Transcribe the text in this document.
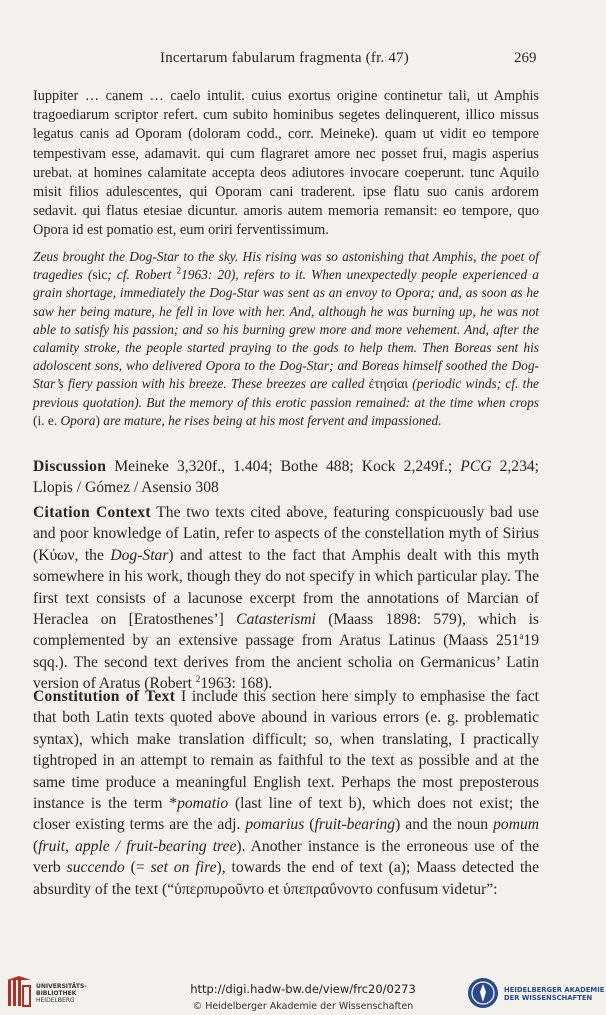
Incertarum fabularum fragmenta (fr. 47)	269
Iuppiter … canem … caelo intulit. cuius exortus origine continetur tali, ut Amphis tragoediarum scriptor refert. cum subito hominibus segetes delinquerent, illico missus legatus canis ad Oporam (doloram codd., corr. Meineke). quam ut vidit eo tempore tempestivam esse, adamavit. qui cum flagraret amore nec posset frui, magis asperius urebat. at homines calamitate accepta deos adiutores invocare coeperunt. tunc Aquilo misit filios adulescentes, qui Oporam cani traderent. ipse flatu suo canis ardorem sedavit. qui flatus etesiae dicuntur. amoris autem memoria remansit: eo tempore, quo Opora id est pomatio est, eum oriri ferventissimum.
Zeus brought the Dog-Star to the sky. His rising was so astonishing that Amphis, the poet of tragedies (sic; cf. Robert $^2$1963: 20), refers to it. When unexpectedly people experienced a grain shortage, immediately the Dog-Star was sent as an envoy to Opora; and, as soon as he saw her being mature, he fell in love with her. And, although he was burning up, he was not able to satisfy his passion; and so his burning grew more and more vehement. And, after the calamity stroke, the people started praying to the gods to help them. Then Boreas sent his adoloscent sons, who delivered Opora to the Dog-Star; and Boreas himself soothed the Dog-Star’s fiery passion with his breeze. These breezes are called ἐτησίαι (periodic winds; cf. the previous quotation). But the memory of this erotic passion remained: at the time when crops (i. e. Opora) are mature, he rises being at his most fervent and impassioned.
Discussion Meineke 3,320f., 1.404; Bothe 488; Kock 2,249f.; PCG 2,234; Llopis / Gómez / Asensio 308
Citation Context The two texts cited above, featuring conspicuously bad use and poor knowledge of Latin, refer to aspects of the constellation myth of Sirius (Κύων, the Dog-Star) and attest to the fact that Amphis dealt with this myth somewhere in his work, though they do not specify in which particular play. The first text consists of a lacunose excerpt from the annotations of Marcian of Heraclea on [Eratosthenes’] Catasterismi (Maass 1898: 579), which is complemented by an extensive passage from Aratus Latinus (Maass 251$^a$19 sqq.). The second text derives from the ancient scholia on Germanicus’ Latin version of Aratus (Robert $^2$1963: 168).
Constitution of Text I include this section here simply to emphasise the fact that both Latin texts quoted above abound in various errors (e. g. problematic syntax), which make translation difficult; so, when translating, I practically tightroped in an attempt to remain as faithful to the text as possible and at the same time produce a meaningful English text. Perhaps the most preposterous instance is the term *pomatio (last line of text b), which does not exist; the closer existing terms are the adj. pomarius (fruit-bearing) and the noun pomum (fruit, apple / fruit-bearing tree). Another instance is the erroneous use of the verb succendo (= set on fire), towards the end of text (a); Maass detected the absurdity of the text (“ὑπερπυροῦντο et ὑπεπραΰνοντο confusum videtur”:
UNIVERSITÄTS-
BIBLIOTHEK
HEIDELBERG
http://digi.hadw-bw.de/view/frc20/0273
© Heidelberger Akademie der Wissenschaften
HEIDELBERGER AKADEMIE
DER WISSENSCHAFTEN
